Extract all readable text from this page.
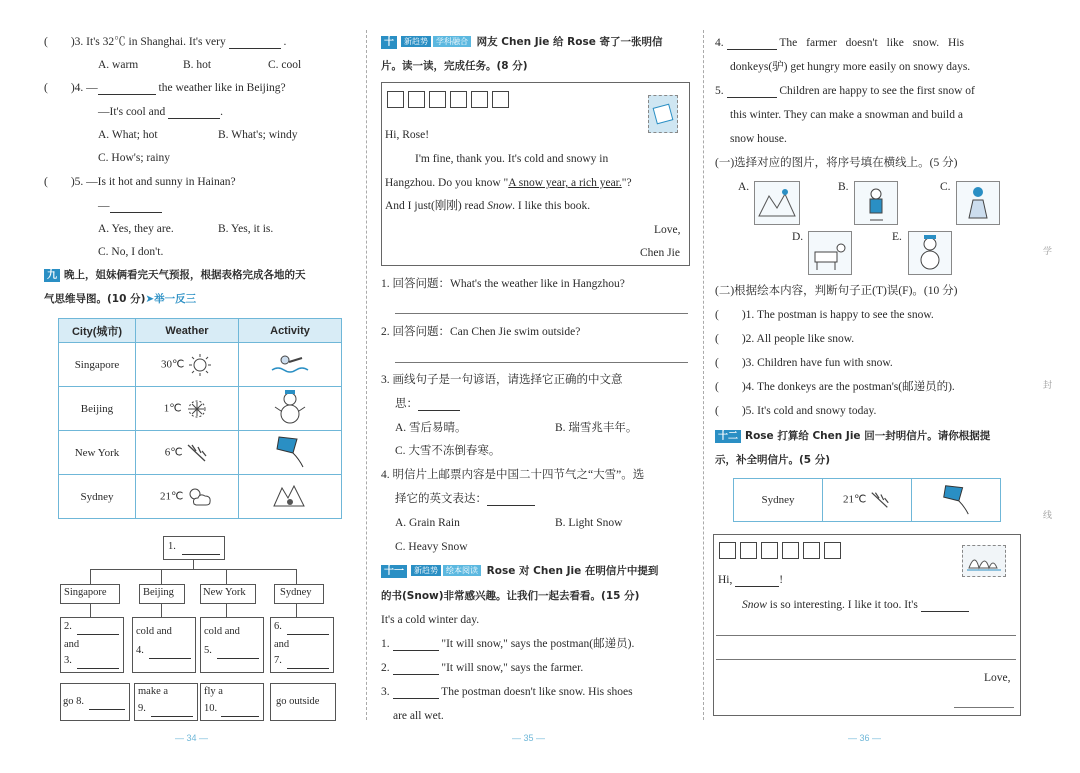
(　　)3. It's 32℃ in Shanghai. It's very	.
A. warm	B. hot	C. cool
(　　)4. —	the weather like in Beijing?
—It's cool and	.
A. What; hot	B. What's; windy
C. How's; rainy
(　　)5. —Is it hot and sunny in Hainan?
—
A. Yes, they are.	B. Yes, it is.
C. No, I don't.
九 晚上，姐妹俩看完天气预报，根据表格完成各地的天
气思维导图。(10 分)➤举一反三
City(城市)	Weather	Activity
Singapore	30℃	
Beijing	1℃	
New York	6℃	
Sydney	21℃	
1.
Singapore	Beijing	New York	Sydney
2.
and
3.
cold and
4.
cold and
5.
6.
and
7.
go 8.
make a
9.
fly a
10.
go outside
— 34 —
十 新趋势 学科融合 网友 Chen Jie 给 Rose 寄了一张明信
片。读一读，完成任务。(8 分)
Hi, Rose!
I'm fine, thank you. It's cold and snowy in
Hangzhou. Do you know "A snow year, a rich year."?
And I just(刚刚) read Snow. I like this book.
Love,
Chen Jie
1. 回答问题：What's the weather like in Hangzhou?
2. 回答问题：Can Chen Jie swim outside?
3. 画线句子是一句谚语，请选择它正确的中文意
思：
A. 雪后易晴。	B. 瑞雪兆丰年。
C. 大雪不冻倒春寒。
4. 明信片上邮票内容是中国二十四节气之“大雪”。选
择它的英文表达：
A. Grain Rain	B. Light Snow
C. Heavy Snow
十一 新趋势 绘本阅读 Rose 对 Chen Jie 在明信片中提到
的书(Snow)非常感兴趣。让我们一起去看看。(15 分)
It's a cold winter day.
1.	"It will snow," says the postman(邮递员).
2.	"It will snow," says the farmer.
3.	The postman doesn't like snow. His shoes
are all wet.
— 35 —
4.	The farmer doesn't like snow. His
donkeys(驴) get hungry more easily on snowy days.
5.	Children are happy to see the first snow of
this winter. They can make a snowman and build a
snow house.
(一)选择对应的图片，将序号填在横线上。(5 分)
A.	B.	C.
D.	E.
(二)根据绘本内容，判断句子正(T)误(F)。(10 分)
(　　)1. The postman is happy to see the snow.
(　　)2. All people like snow.
(　　)3. Children have fun with snow.
(　　)4. The donkeys are the postman's(邮递员的).
(　　)5. It's cold and snowy today.
十二 Rose 打算给 Chen Jie 回一封明信片。请你根据提
示，补全明信片。(5 分)
Sydney	21℃	
Hi,	!
Snow is so interesting. I like it too. It's
Love,
学
封
线
— 36 —
